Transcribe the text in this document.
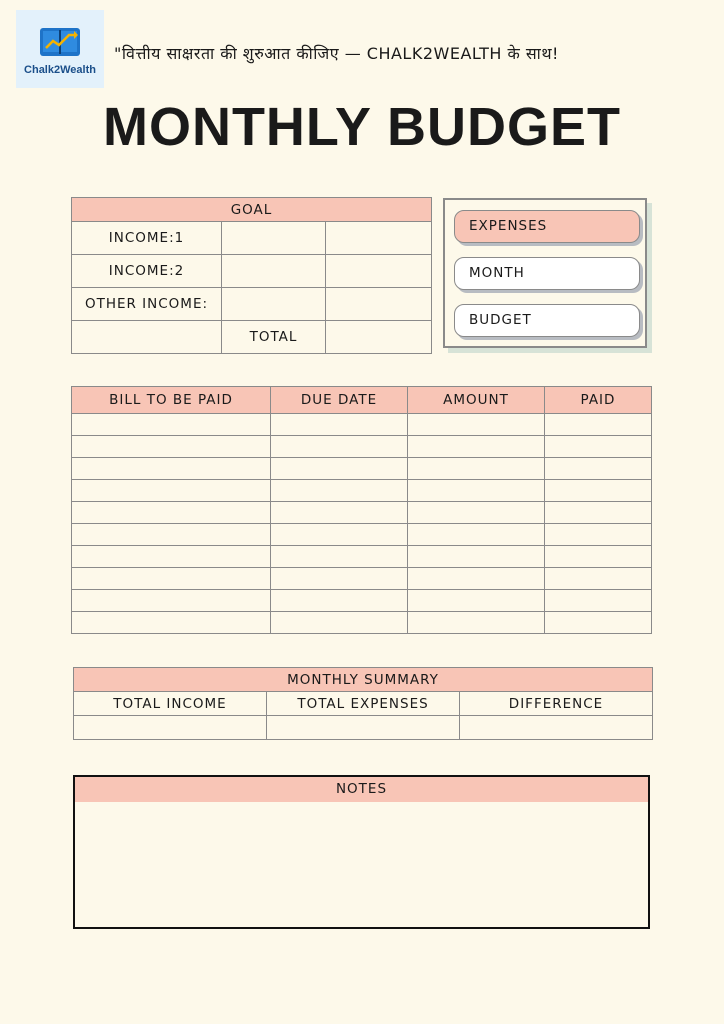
Chalk2Wealth
"वित्तीय साक्षरता की शुरुआत कीजिए — CHALK2WEALTH के साथ!
MONTHLY BUDGET
GOAL		
INCOME:1		
INCOME:2		
OTHER INCOME:		
	TOTAL	
EXPENSES
MONTH
BUDGET
BILL TO BE PAID	DUE DATE	AMOUNT	PAID

MONTHLY SUMMARY		
TOTAL INCOME	TOTAL EXPENSES	DIFFERENCE

NOTES
